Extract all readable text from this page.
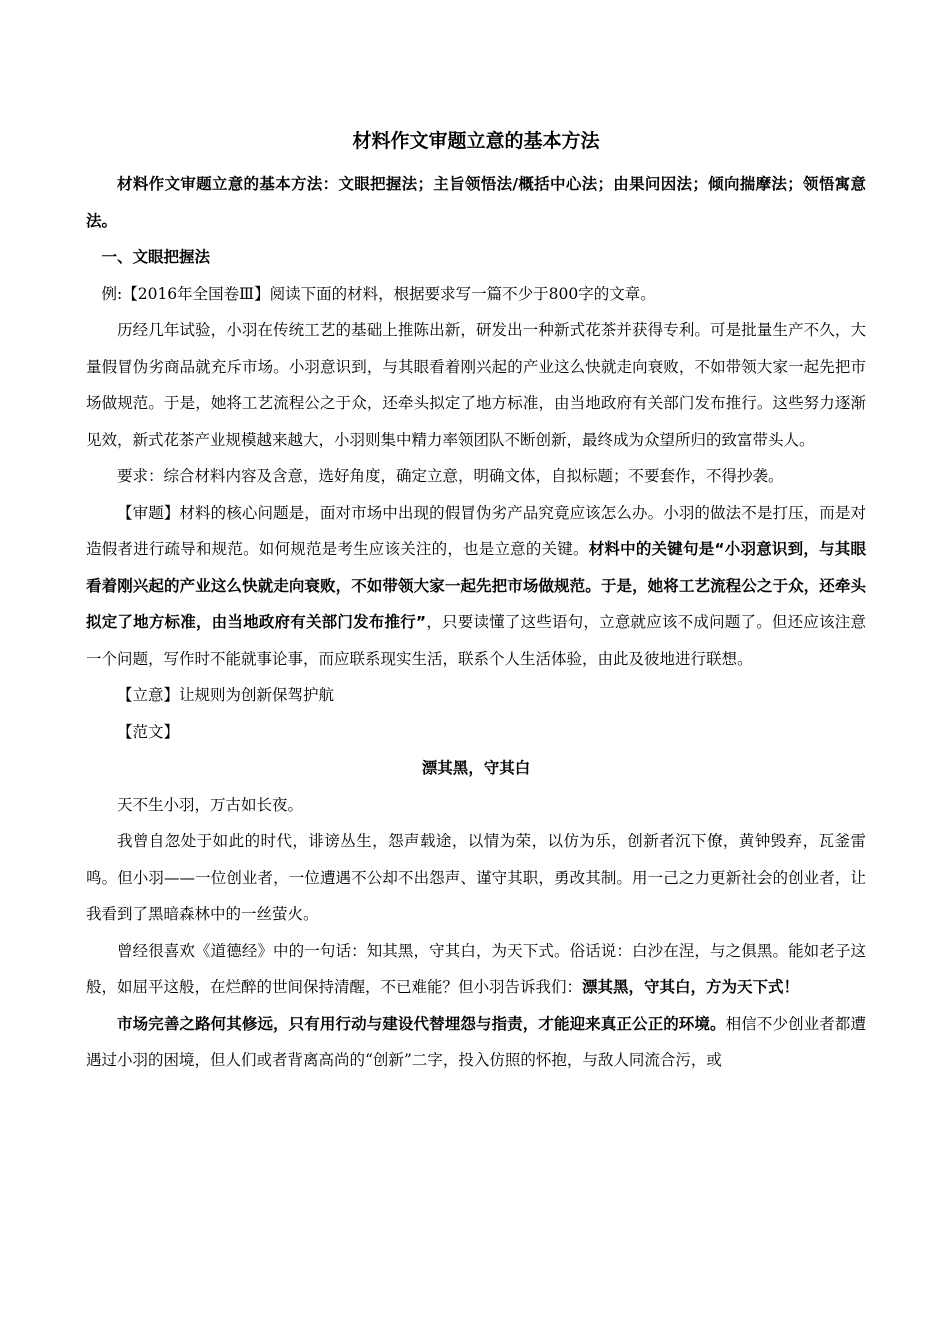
材料作文审题立意的基本方法

材料作文审题立意的基本方法：文眼把握法；主旨领悟法/概括中心法；由果问因法；倾向揣摩法；领悟寓意法。

一、文眼把握法

例:【2016年全国卷Ⅲ】阅读下面的材料，根据要求写一篇不少于800字的文章。

历经几年试验，小羽在传统工艺的基础上推陈出新，研发出一种新式花茶并获得专利。可是批量生产不久，大量假冒伪劣商品就充斥市场。小羽意识到，与其眼看着刚兴起的产业这么快就走向衰败，不如带领大家一起先把市场做规范。于是，她将工艺流程公之于众，还牵头拟定了地方标准，由当地政府有关部门发布推行。这些努力逐渐见效，新式花茶产业规模越来越大，小羽则集中精力率领团队不断创新，最终成为众望所归的致富带头人。

要求：综合材料内容及含意，选好角度，确定立意，明确文体，自拟标题；不要套作，不得抄袭。

【审题】材料的核心问题是，面对市场中出现的假冒伪劣产品究竟应该怎么办。小羽的做法不是打压，而是对造假者进行疏导和规范。如何规范是考生应该关注的，也是立意的关键。材料中的关键句是“小羽意识到，与其眼看着刚兴起的产业这么快就走向衰败，不如带领大家一起先把市场做规范。于是，她将工艺流程公之于众，还牵头拟定了地方标准，由当地政府有关部门发布推行”，只要读懂了这些语句，立意就应该不成问题了。但还应该注意一个问题，写作时不能就事论事，而应联系现实生活，联系个人生活体验，由此及彼地进行联想。

【立意】让规则为创新保驾护航

【范文】

漂其黑，守其白

天不生小羽，万古如长夜。

我曾自忽处于如此的时代，诽谤丛生，怨声载途，以情为荣，以仿为乐，创新者沉下僚，黄钟毁弃，瓦釜雷鸣。但小羽——一位创业者，一位遭遇不公却不出怨声、谨守其职，勇改其制。用一己之力更新社会的创业者，让我看到了黑暗森林中的一丝萤火。

曾经很喜欢《道德经》中的一句话：知其黑，守其白，为天下式。俗话说：白沙在涅，与之俱黑。能如老子这般，如屈平这般，在烂醉的世间保持清醒，不已难能？但小羽告诉我们：漂其黑，守其白，方为天下式！

市场完善之路何其修远，只有用行动与建设代替埋怨与指责，才能迎来真正公正的环境。相信不少创业者都遭遇过小羽的困境，但人们或者背离高尚的“创新”二字，投入仿照的怀抱，与敌人同流合污，或
